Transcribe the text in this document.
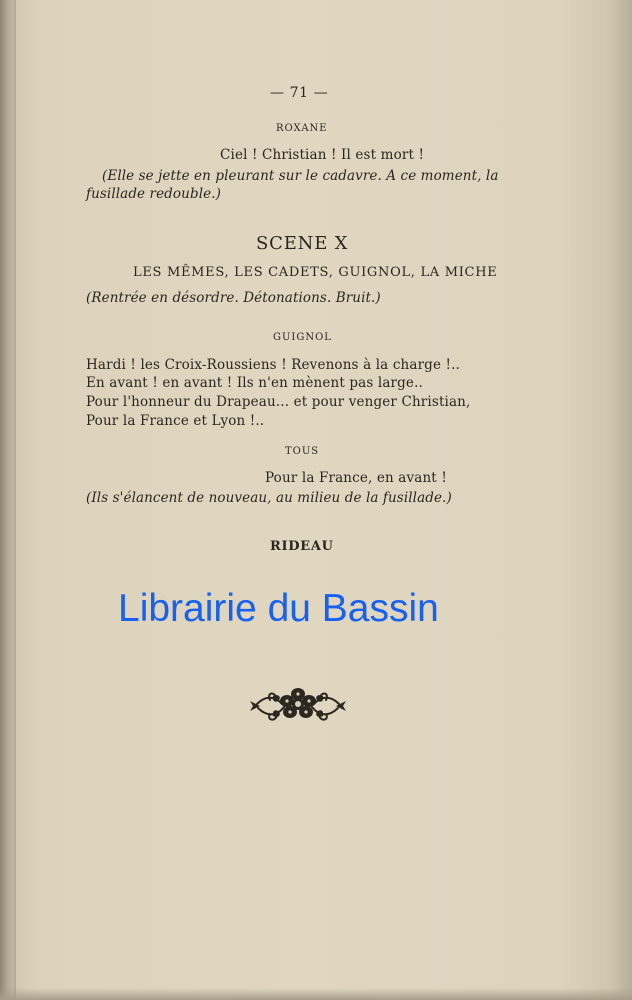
— 71 —
ROXANE
Ciel ! Christian ! Il est mort !
(Elle se jette en pleurant sur le cadavre. A ce moment, la
fusillade redouble.)
SCENE X
LES MÊMES, LES CADETS, GUIGNOL, LA MICHE
(Rentrée en désordre. Détonations. Bruit.)
GUIGNOL
Hardi ! les Croix-Roussiens ! Revenons à la charge !..
En avant ! en avant ! Ils n'en mènent pas large..
Pour l'honneur du Drapeau... et pour venger Christian,
Pour la France et Lyon !..
TOUS
Pour la France, en avant !
(Ils s'élancent de nouveau, au milieu de la fusillade.)
RIDEAU
Librairie du Bassin
